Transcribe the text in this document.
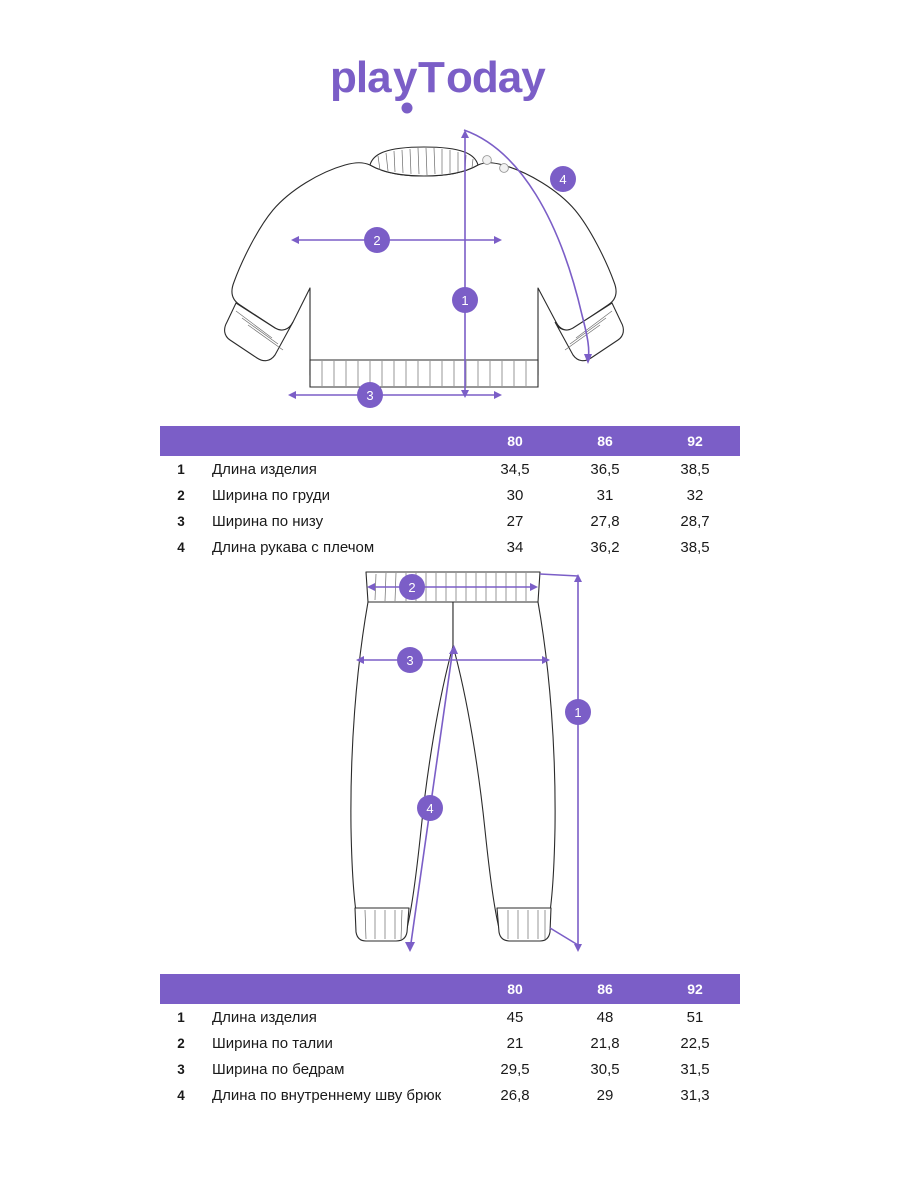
pla y T oday
1
2
3
4
		80	86	92
1	Длина изделия	34,5	36,5	38,5
2	Ширина по груди	30	31	32
3	Ширина по низу	27	27,8	28,7
4	Длина рукава с плечом	34	36,2	38,5
1
2
3
4
		80	86	92
1	Длина изделия	45	48	51
2	Ширина по талии	21	21,8	22,5
3	Ширина по бедрам	29,5	30,5	31,5
4	Длина по внутреннему шву брюк	26,8	29	31,3
